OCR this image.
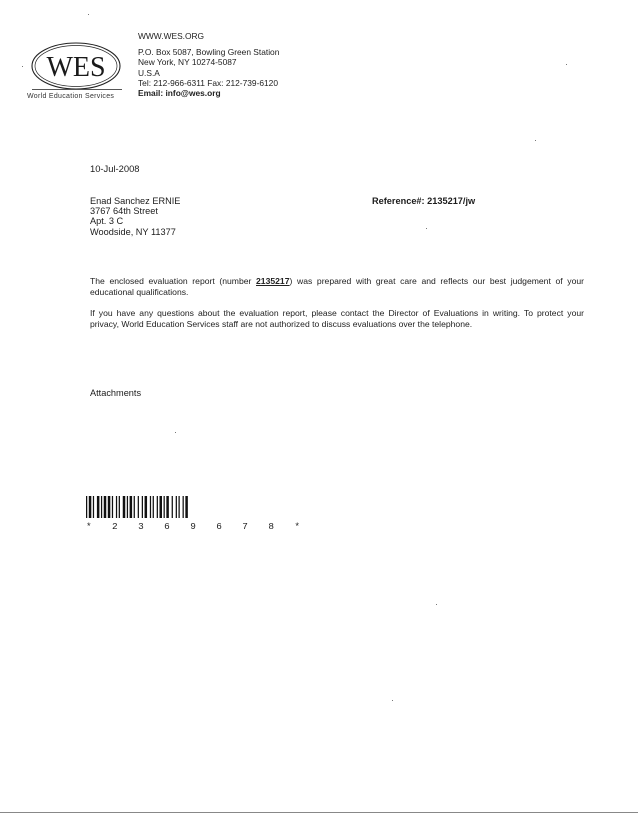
WES
World Education Services
WWW.WES.ORG
P.O. Box 5087, Bowling Green Station
New York, NY 10274-5087
U.S.A
Tel: 212-966-6311 Fax: 212-739-6120
Email: info@wes.org
10-Jul-2008
Enad Sanchez ERNIE
3767 64th Street
Apt. 3 C
Woodside, NY 11377
Reference#: 2135217/jw
The enclosed evaluation report (number 2135217) was prepared with great care and reflects our best judgement of your educational qualifications.
If you have any questions about the evaluation report, please contact the Director of Evaluations in writing. To protect your privacy, World Education Services staff are not authorized to discuss evaluations over the telephone.
Attachments
* 2 3 6 9 6 7 8 *
